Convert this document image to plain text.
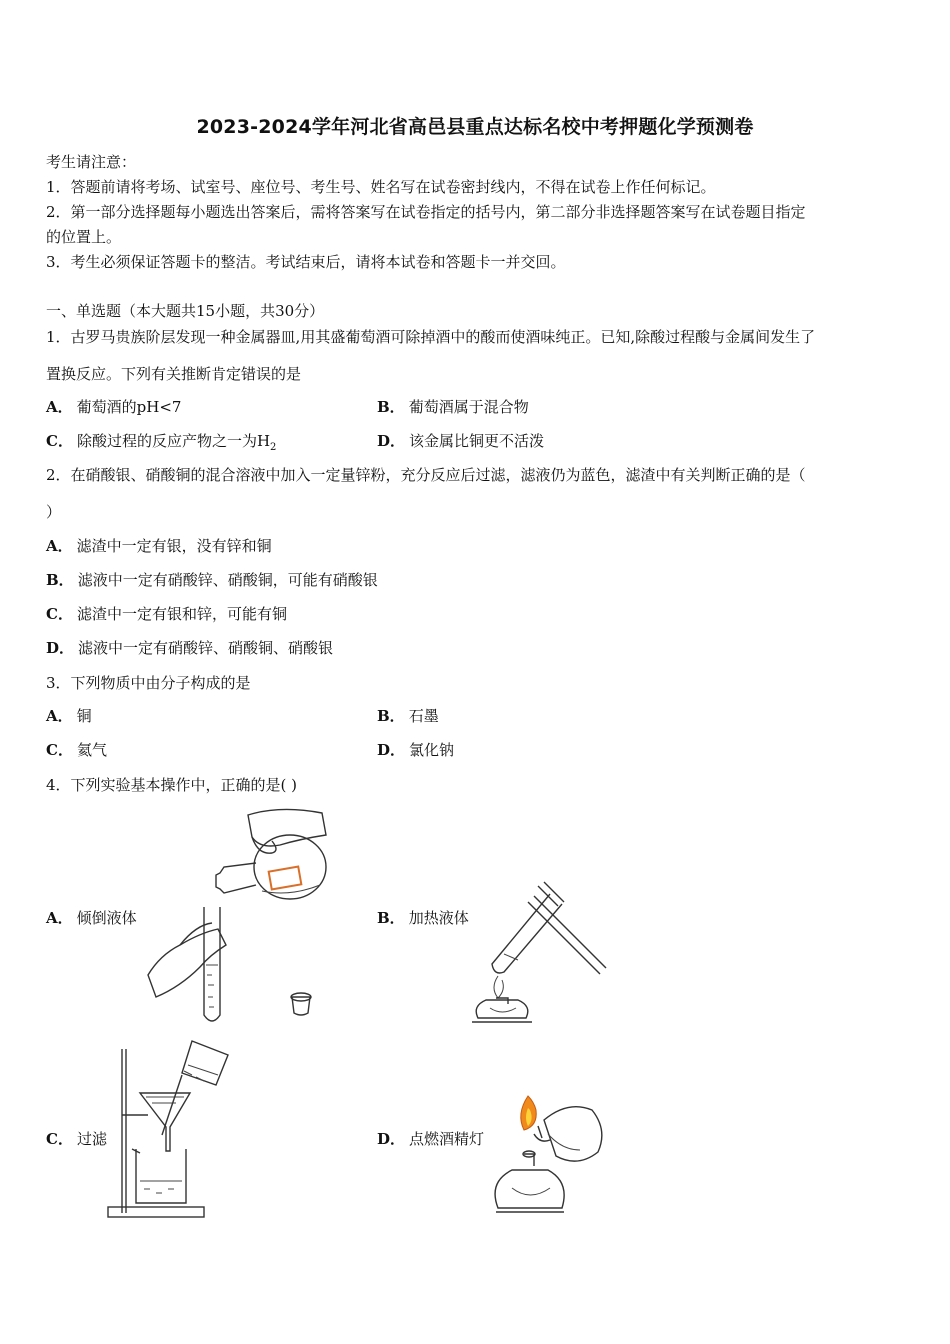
2023-2024学年河北省高邑县重点达标名校中考押题化学预测卷
考生请注意：
1．答题前请将考场、试室号、座位号、考生号、姓名写在试卷密封线内，不得在试卷上作任何标记。
2．第一部分选择题每小题选出答案后，需将答案写在试卷指定的括号内，第二部分非选择题答案写在试卷题目指定
的位置上。
3．考生必须保证答题卡的整洁。考试结束后，请将本试卷和答题卡一并交回。
一、单选题（本大题共15小题，共30分）
1．古罗马贵族阶层发现一种金属器皿,用其盛葡萄酒可除掉酒中的酸而使酒味纯正。已知,除酸过程酸与金属间发生了
置换反应。下列有关推断肯定错误的是
A． 葡萄酒的pH<7	B． 葡萄酒属于混合物
C． 除酸过程的反应产物之一为$H_2$	D． 该金属比铜更不活泼
2．在硝酸银、硝酸铜的混合溶液中加入一定量锌粉，充分反应后过滤，滤液仍为蓝色，滤渣中有关判断正确的是（
）
A． 滤渣中一定有银，没有锌和铜
B． 滤液中一定有硝酸锌、硝酸铜，可能有硝酸银
C． 滤渣中一定有银和锌，可能有铜
D． 滤液中一定有硝酸锌、硝酸铜、硝酸银
3．下列物质中由分子构成的是
A． 铜	B． 石墨
C． 氦气	D． 氯化钠
4．下列实验基本操作中，正确的是( )
A． 倾倒液体	B． 加热液体
C． 过滤	D． 点燃酒精灯
